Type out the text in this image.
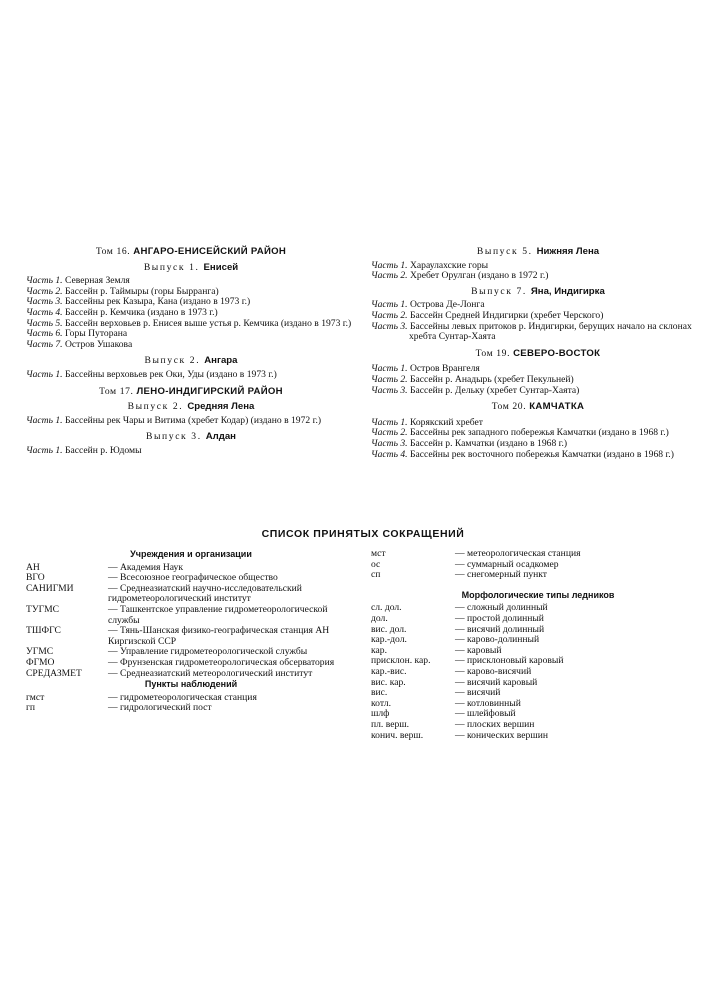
Том 16. АНГАРО-ЕНИСЕЙСКИЙ РАЙОН
Выпуск 1. Енисей
Часть 1. Северная Земля
Часть 2. Бассейн р. Таймыры (горы Бырранга)
Часть 3. Бассейны рек Казыра, Кана (издано в 1973 г.)
Часть 4. Бассейн р. Кемчика (издано в 1973 г.)
Часть 5. Бассейн верховьев р. Енисея выше устья р. Кемчика (издано в 1973 г.)
Часть 6. Горы Путорана
Часть 7. Остров Ушакова
Выпуск 2. Ангара
Часть 1. Бассейны верховьев рек Оки, Уды (издано в 1973 г.)
Том 17. ЛЕНО-ИНДИГИРСКИЙ РАЙОН
Выпуск 2. Средняя Лена
Часть 1. Бассейны рек Чары и Витима (хребет Кодар) (издано в 1972 г.)
Выпуск 3. Алдан
Часть 1. Бассейн р. Юдомы
Выпуск 5. Нижняя Лена
Часть 1. Хараулахские горы
Часть 2. Хребет Орулган (издано в 1972 г.)
Выпуск 7. Яна, Индигирка
Часть 1. Острова Де-Лонга
Часть 2. Бассейн Средней Индигирки (хребет Черского)
Часть 3. Бассейны левых притоков р. Индигирки, берущих начало на склонах хребта Сунтар-Хаята
Том 19. СЕВЕРО-ВОСТОК
Часть 1. Остров Врангеля
Часть 2. Бассейн р. Анадырь (хребет Пекульней)
Часть 3. Бассейн р. Дельку (хребет Сунтар-Хаята)
Том 20. КАМЧАТКА
Часть 1. Корякский хребет
Часть 2. Бассейны рек западного побережья Камчатки (издано в 1968 г.)
Часть 3. Бассейн р. Камчатки (издано в 1968 г.)
Часть 4. Бассейны рек восточного побережья Камчатки (издано в 1968 г.)
СПИСОК ПРИНЯТЫХ СОКРАЩЕНИЙ
Учреждения и организации
АН	— Академия Наук
ВГО	— Всесоюзное географическое общество
САНИГМИ	— Среднеазиатский научно-исследовательский гидрометеорологический институт
ТУГМС	— Ташкентское управление гидрометеорологической службы
ТШФГС	— Тянь-Шанская физико-географическая станция АН Киргизской ССР
УГМС	— Управление гидрометеорологической службы
ФГМО	— Фрунзенская гидрометеорологическая обсерватория
СРЕДАЗМЕТ	— Среднеазиатский метеорологический институт
Пункты наблюдений
гмст	— гидрометеорологическая станция
гп	— гидрологический пост
мст	— метеорологическая станция
ос	— суммарный осадкомер
сп	— снегомерный пункт
Морфологические типы ледников
сл. дол.	— сложный долинный
дол.	— простой долинный
вис. дол.	— висячий долинный
кар.-дол.	— карово-долинный
кар.	— каровый
присклон. кар.	— присклоновый каровый
кар.-вис.	— карово-висячий
вис. кар.	— висячий каровый
вис.	— висячий
котл.	— котловинный
шлф	— шлейфовый
пл. верш.	— плоских вершин
конич. верш.	— конических вершин
